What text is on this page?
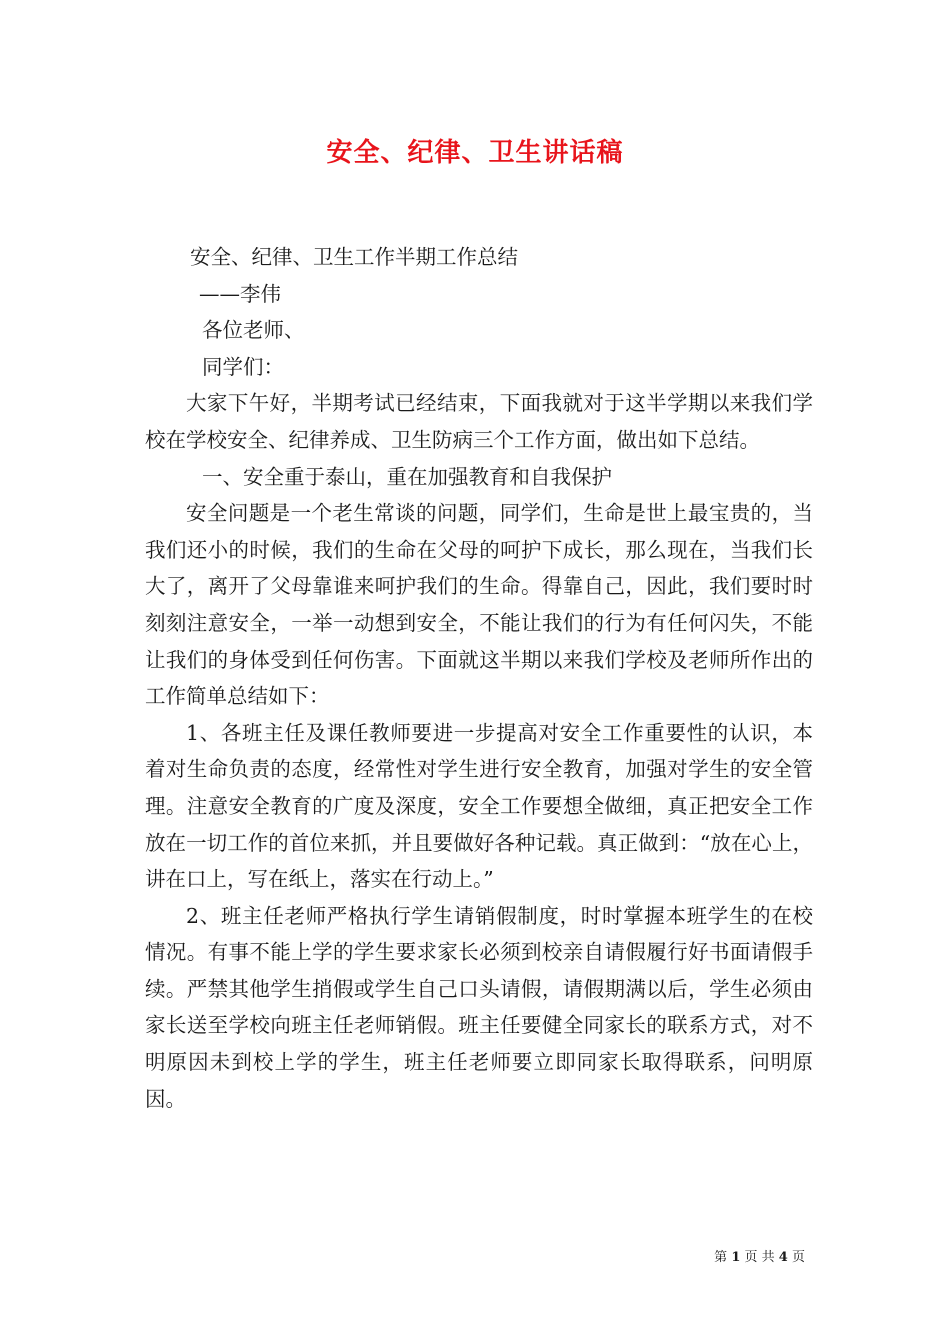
安全、纪律、卫生讲话稿

安全、纪律、卫生工作半期工作总结

——李伟

各位老师、

同学们：

大家下午好，半期考试已经结束，下面我就对于这半学期以来我们学校在学校安全、纪律养成、卫生防病三个工作方面，做出如下总结。

一、安全重于泰山，重在加强教育和自我保护

安全问题是一个老生常谈的问题，同学们，生命是世上最宝贵的，当我们还小的时候，我们的生命在父母的呵护下成长，那么现在，当我们长大了，离开了父母靠谁来呵护我们的生命。得靠自己，因此，我们要时时刻刻注意安全，一举一动想到安全，不能让我们的行为有任何闪失，不能让我们的身体受到任何伤害。下面就这半期以来我们学校及老师所作出的工作简单总结如下：

1、各班主任及课任教师要进一步提高对安全工作重要性的认识，本着对生命负责的态度，经常性对学生进行安全教育，加强对学生的安全管理。注意安全教育的广度及深度，安全工作要想全做细，真正把安全工作放在一切工作的首位来抓，并且要做好各种记载。真正做到：“放在心上，讲在口上，写在纸上，落实在行动上。”

2、班主任老师严格执行学生请销假制度，时时掌握本班学生的在校情况。有事不能上学的学生要求家长必须到校亲自请假履行好书面请假手续。严禁其他学生捎假或学生自己口头请假，请假期满以后，学生必须由家长送至学校向班主任老师销假。班主任要健全同家长的联系方式，对不明原因未到校上学的学生，班主任老师要立即同家长取得联系，问明原因。

第 1 页 共 4 页
